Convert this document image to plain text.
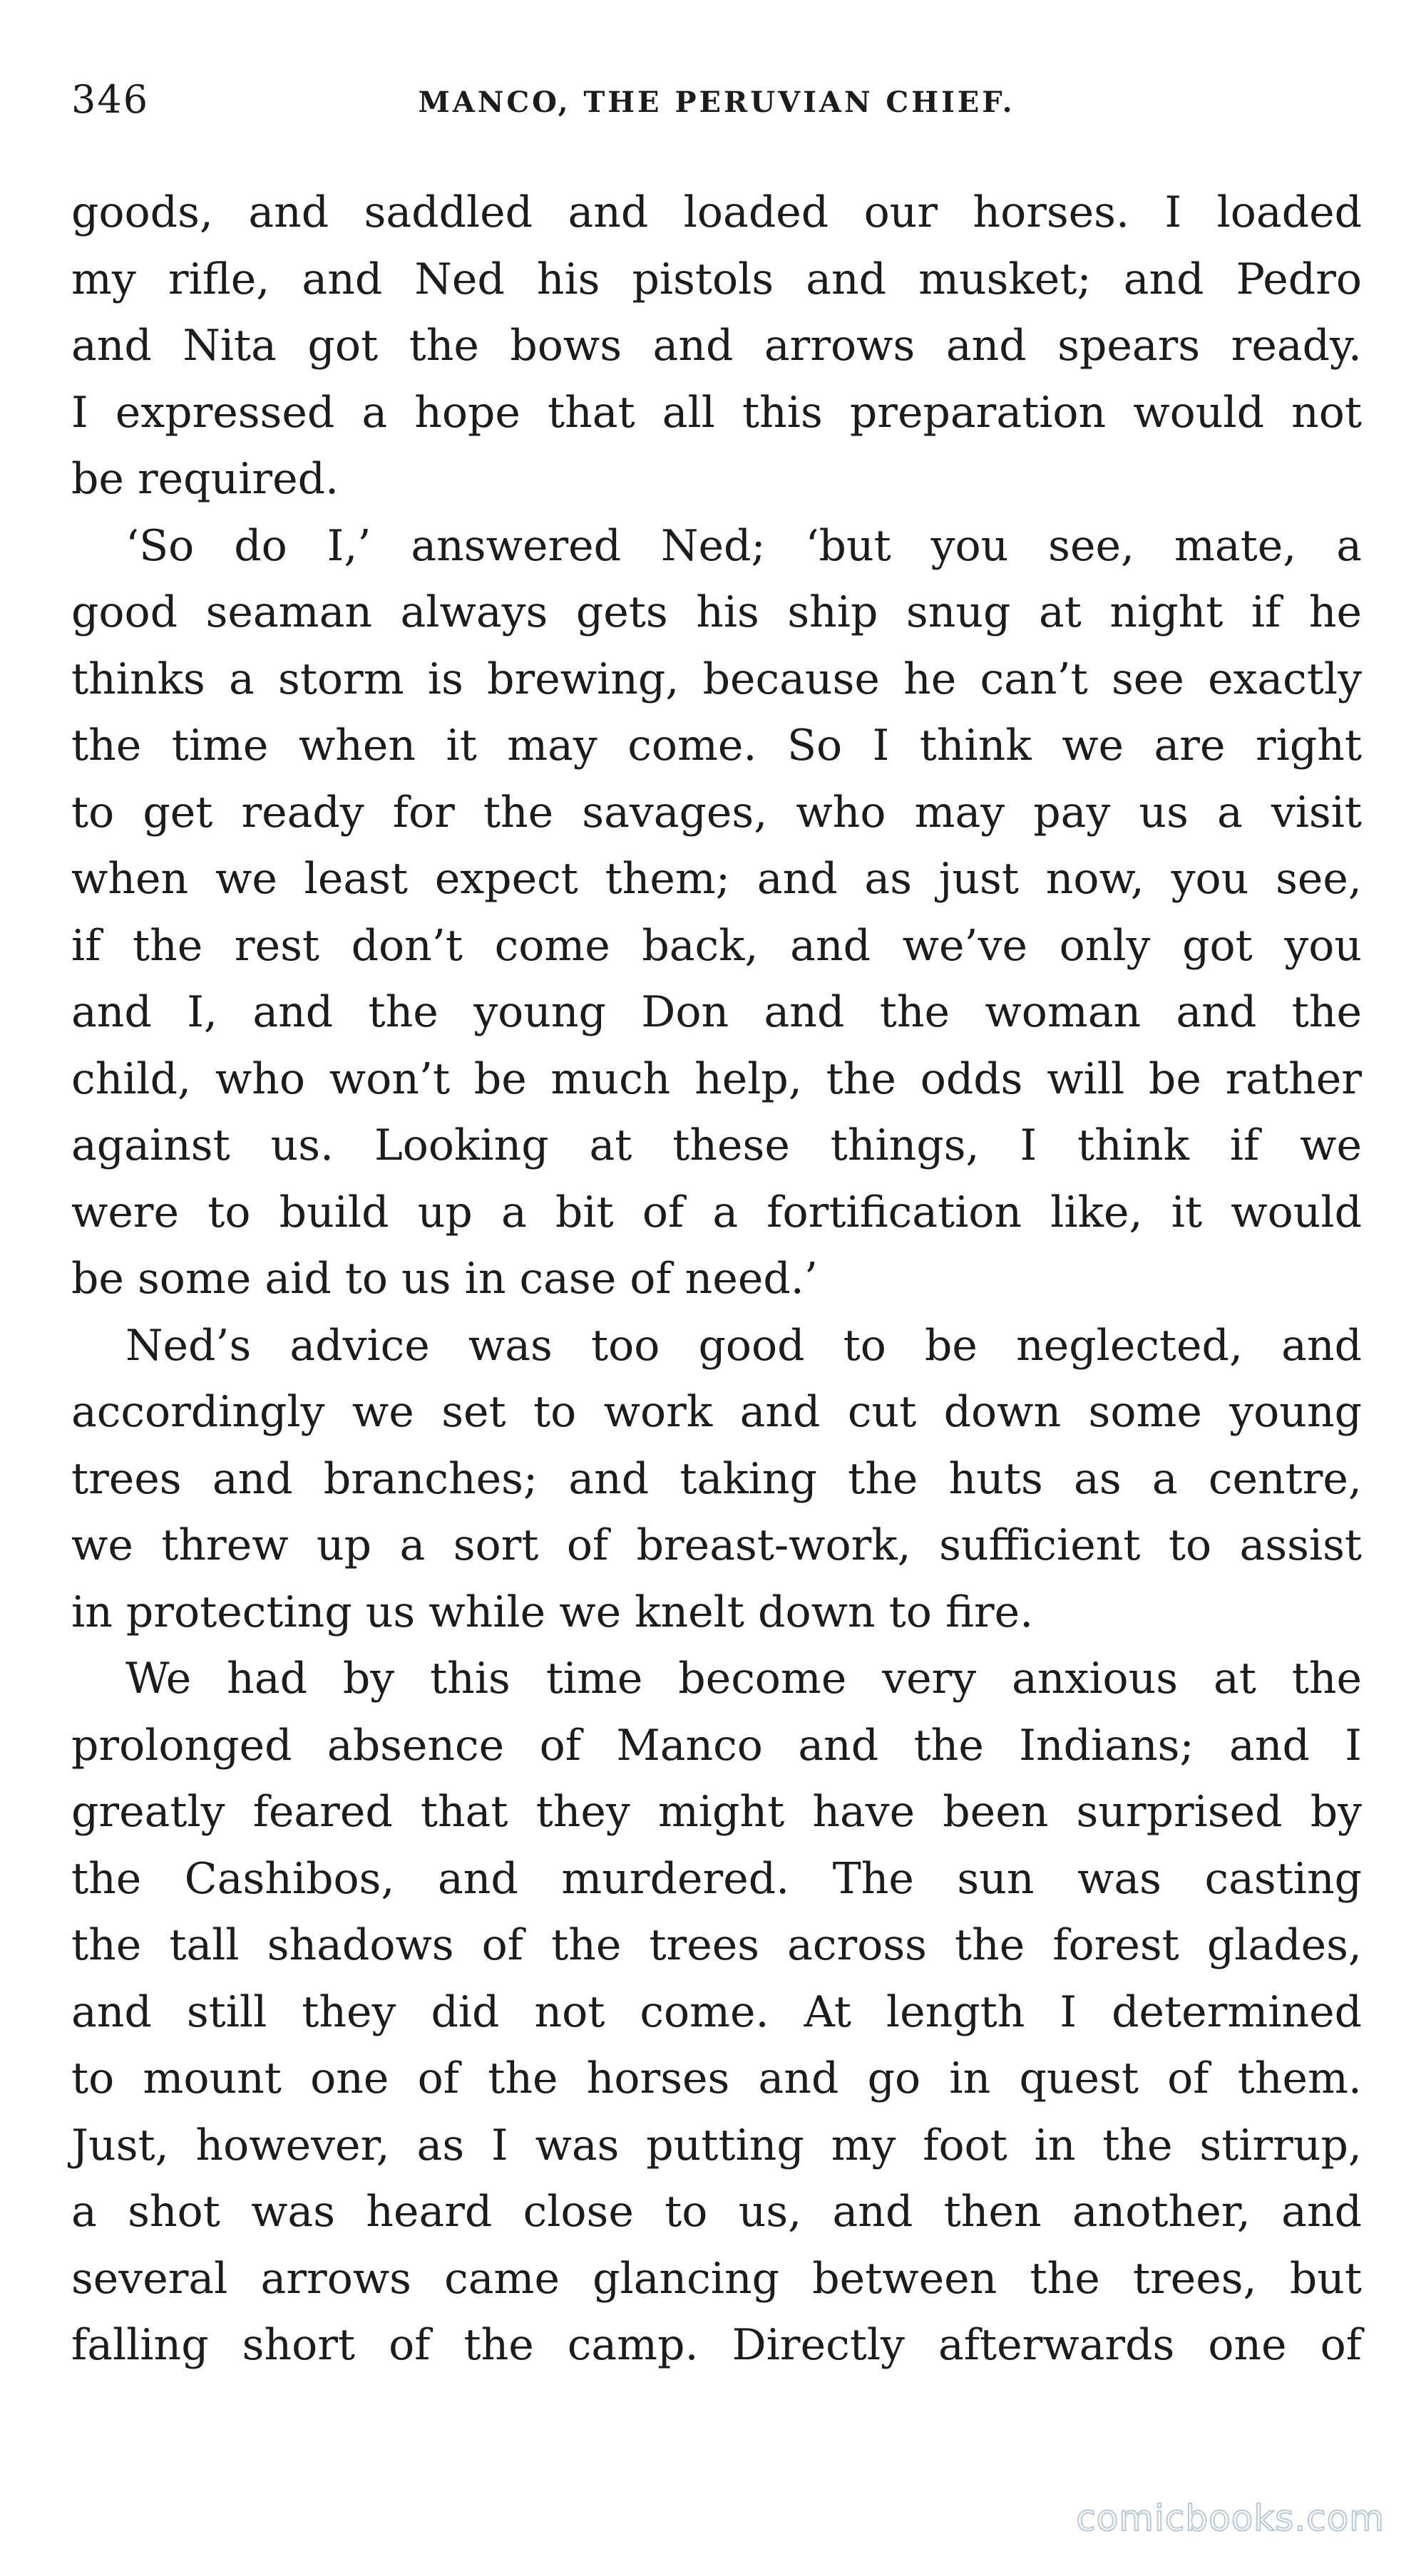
346	MANCO, THE PERUVIAN CHIEF.
goods, and saddled and loaded our horses. I loaded
my rifle, and Ned his pistols and musket; and Pedro
and Nita got the bows and arrows and spears ready.
I expressed a hope that all this preparation would not
be required.
‘So do I,’ answered Ned; ‘but you see, mate, a
good seaman always gets his ship snug at night if he
thinks a storm is brewing, because he can’t see exactly
the time when it may come. So I think we are right
to get ready for the savages, who may pay us a visit
when we least expect them; and as just now, you see,
if the rest don’t come back, and we’ve only got you
and I, and the young Don and the woman and the
child, who won’t be much help, the odds will be rather
against us. Looking at these things, I think if we
were to build up a bit of a fortification like, it would
be some aid to us in case of need.’
Ned’s advice was too good to be neglected, and
accordingly we set to work and cut down some young
trees and branches; and taking the huts as a centre,
we threw up a sort of breast-work, sufficient to assist
in protecting us while we knelt down to fire.
We had by this time become very anxious at the
prolonged absence of Manco and the Indians; and I
greatly feared that they might have been surprised by
the Cashibos, and murdered. The sun was casting
the tall shadows of the trees across the forest glades,
and still they did not come. At length I determined
to mount one of the horses and go in quest of them.
Just, however, as I was putting my foot in the stirrup,
a shot was heard close to us, and then another, and
several arrows came glancing between the trees, but
falling short of the camp. Directly afterwards one of
comicbooks.com
